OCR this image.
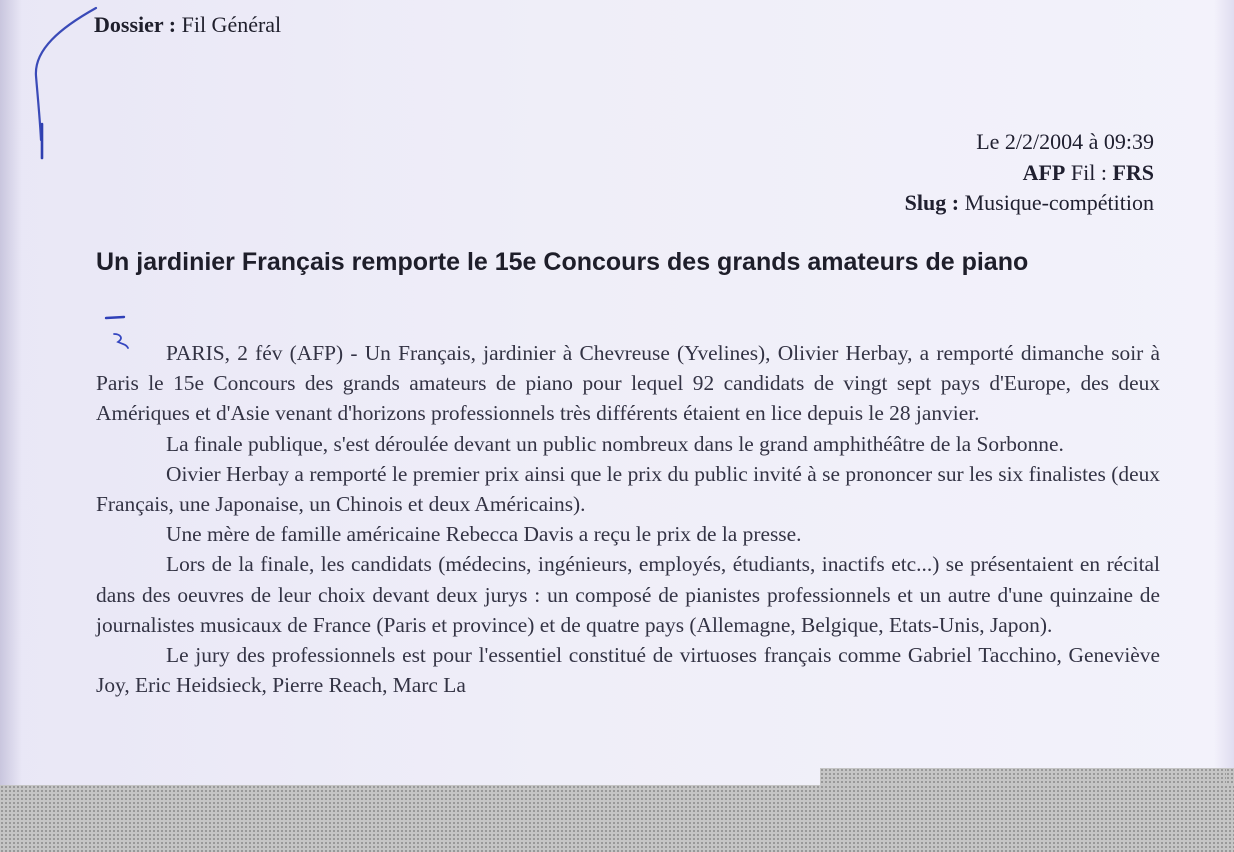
Dossier : Fil Général
Le 2/2/2004 à 09:39
AFP Fil : FRS
Slug : Musique-compétition
Un jardinier Français remporte le 15e Concours des grands amateurs de piano

PARIS, 2 fév (AFP) - Un Français, jardinier à Chevreuse (Yvelines), Olivier Herbay, a remporté dimanche soir à Paris le 15e Concours des grands amateurs de piano pour lequel 92 candidats de vingt sept pays d'Europe, des deux Amériques et d'Asie venant d'horizons professionnels très différents étaient en lice depuis le 28 janvier.

La finale publique, s'est déroulée devant un public nombreux dans le grand amphithéâtre de la Sorbonne.

Oivier Herbay a remporté le premier prix ainsi que le prix du public invité à se prononcer sur les six finalistes (deux Français, une Japonaise, un Chinois et deux Américains).

Une mère de famille américaine Rebecca Davis a reçu le prix de la presse.

Lors de la finale, les candidats (médecins, ingénieurs, employés, étudiants, inactifs etc...) se présentaient en récital dans des oeuvres de leur choix devant deux jurys : un composé de pianistes professionnels et un autre d'une quinzaine de journalistes musicaux de France (Paris et province) et de quatre pays (Allemagne, Belgique, Etats-Unis, Japon).

Le jury des professionnels est pour l'essentiel constitué de virtuoses français comme Gabriel Tacchino, Geneviève Joy, Eric Heidsieck, Pierre Reach, Marc La
